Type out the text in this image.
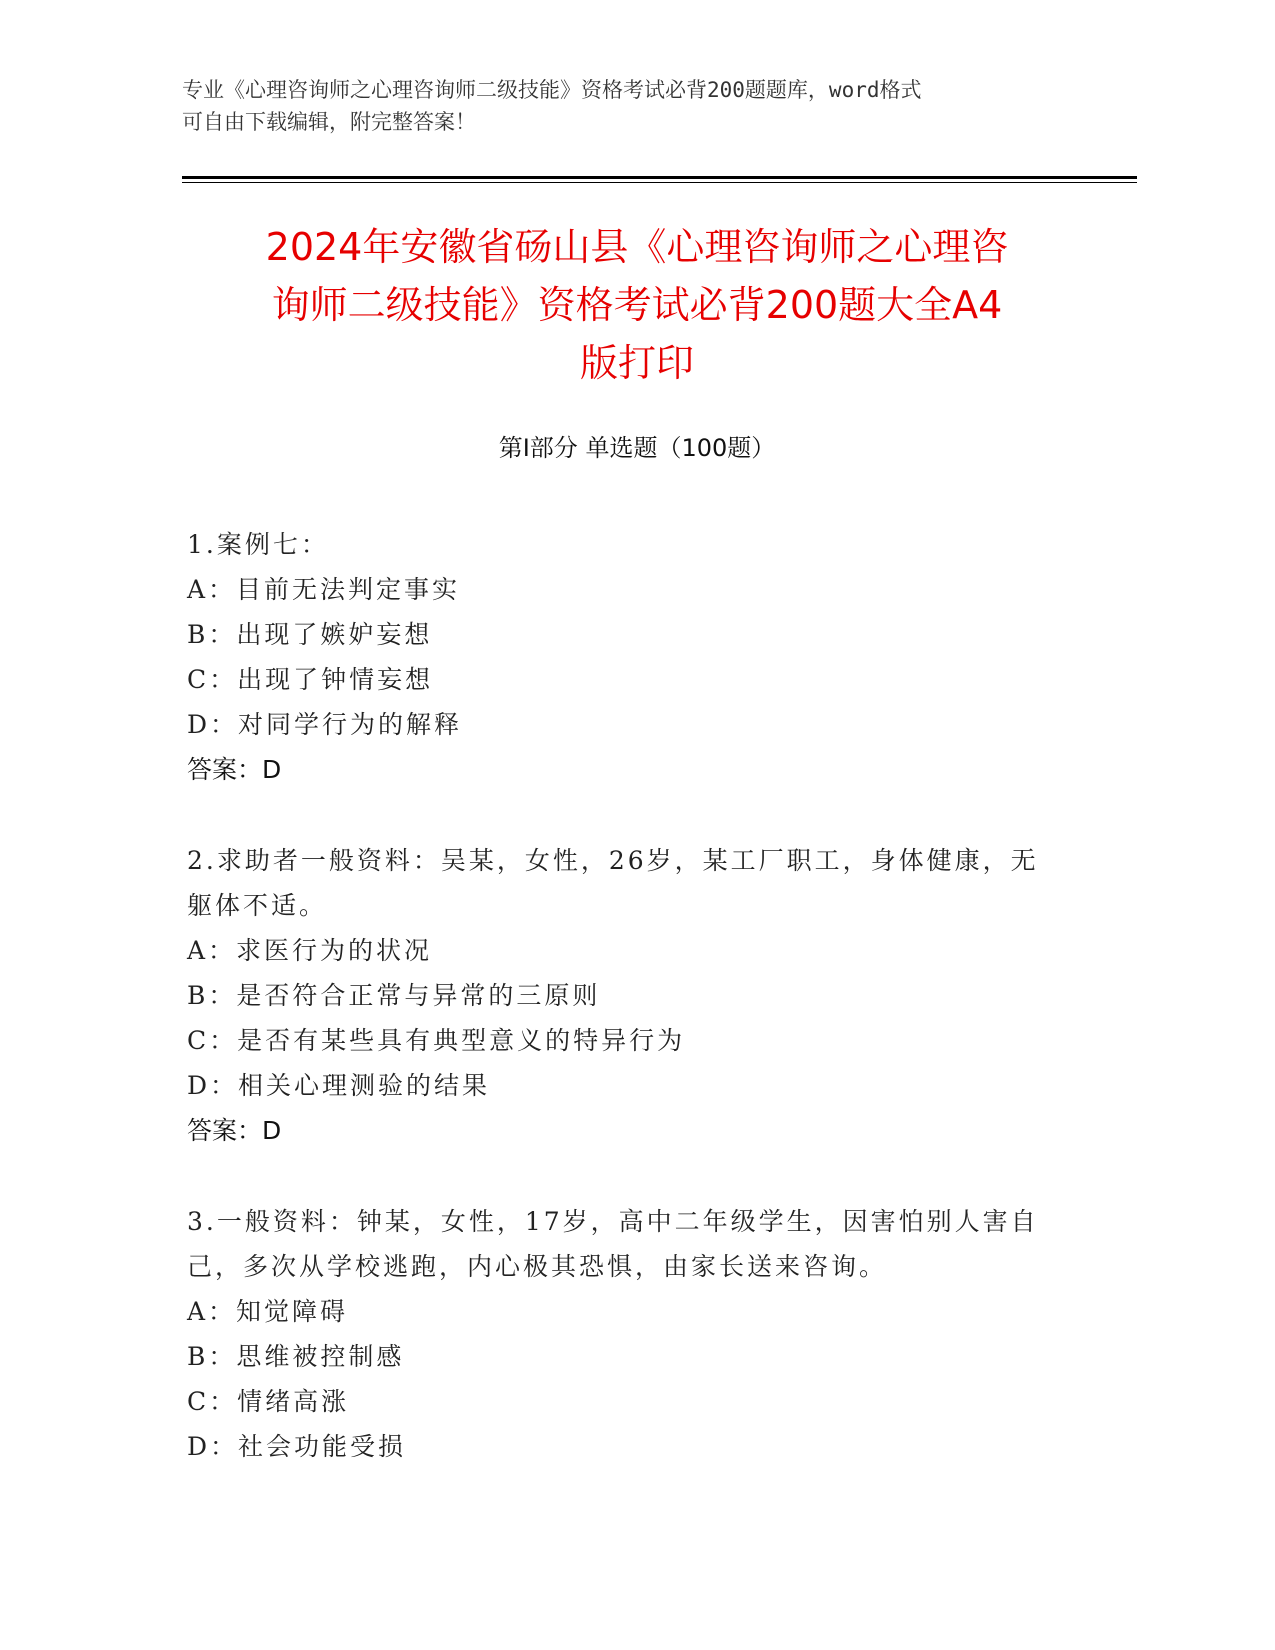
专业《心理咨询师之心理咨询师二级技能》资格考试必背200题题库，word格式
可自由下载编辑，附完整答案！
2024年安徽省砀山县《心理咨询师之心理咨
询师二级技能》资格考试必背200题大全A4
版打印
第Ⅰ部分 单选题（100题）
1.案例七：
A：目前无法判定事实
B：出现了嫉妒妄想
C：出现了钟情妄想
D：对同学行为的解释
答案：D
2.求助者一般资料：吴某，女性，26岁，某工厂职工，身体健康，无
躯体不适。
A：求医行为的状况
B：是否符合正常与异常的三原则
C：是否有某些具有典型意义的特异行为
D：相关心理测验的结果
答案：D
3.一般资料：钟某，女性，17岁，高中二年级学生，因害怕别人害自
己，多次从学校逃跑，内心极其恐惧，由家长送来咨询。
A：知觉障碍
B：思维被控制感
C：情绪高涨
D：社会功能受损
